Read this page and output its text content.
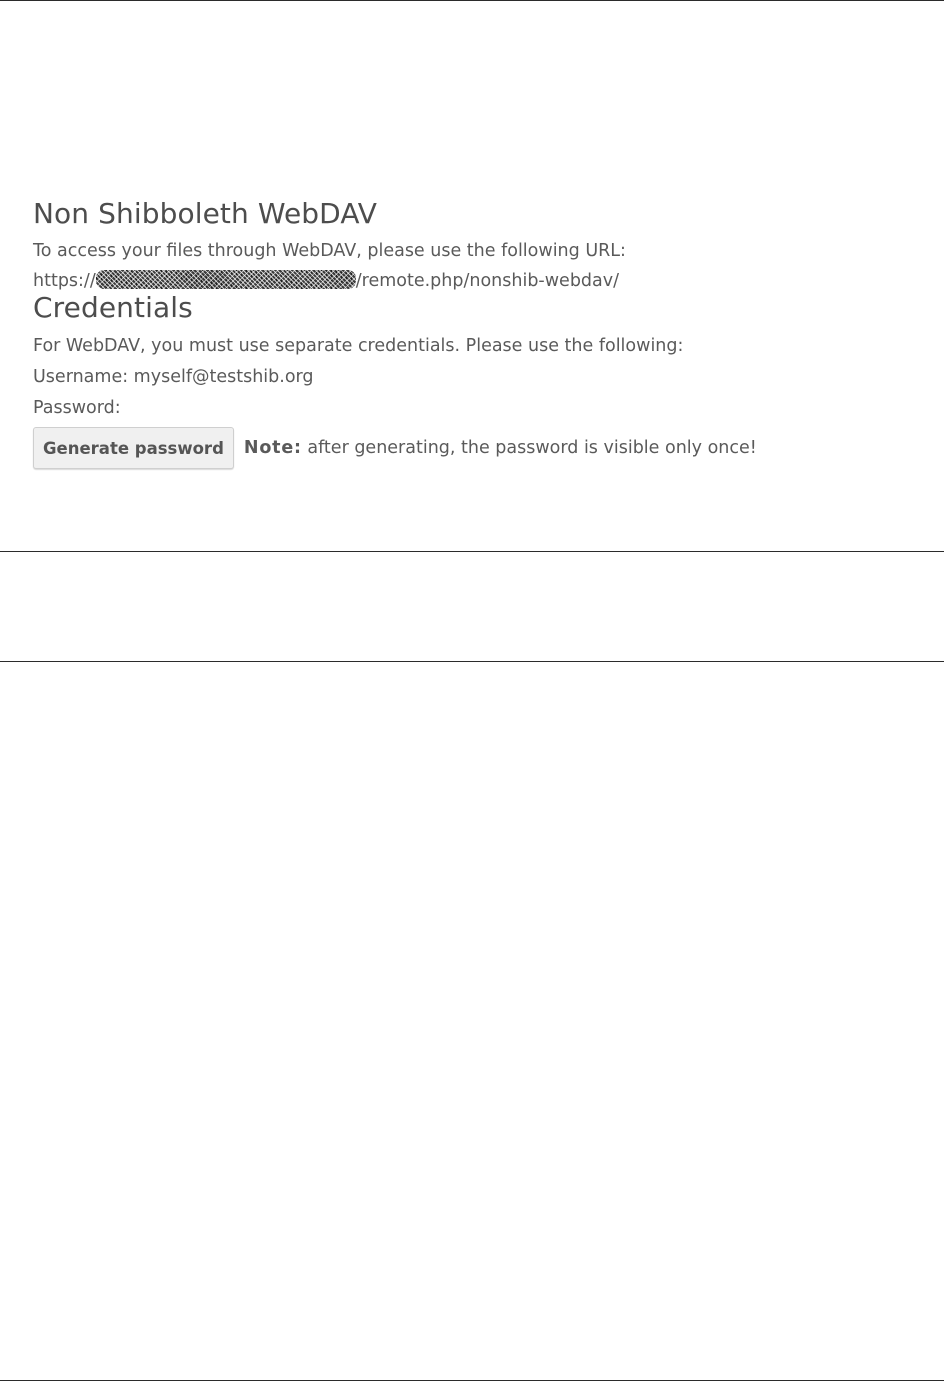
Non Shibboleth WebDAV
To access your files through WebDAV, please use the following URL:
https://	/remote.php/nonshib-webdav/
Credentials
For WebDAV, you must use separate credentials. Please use the following:
Username: myself@testshib.org
Password:
Generate password	Note: after generating, the password is visible only once!
